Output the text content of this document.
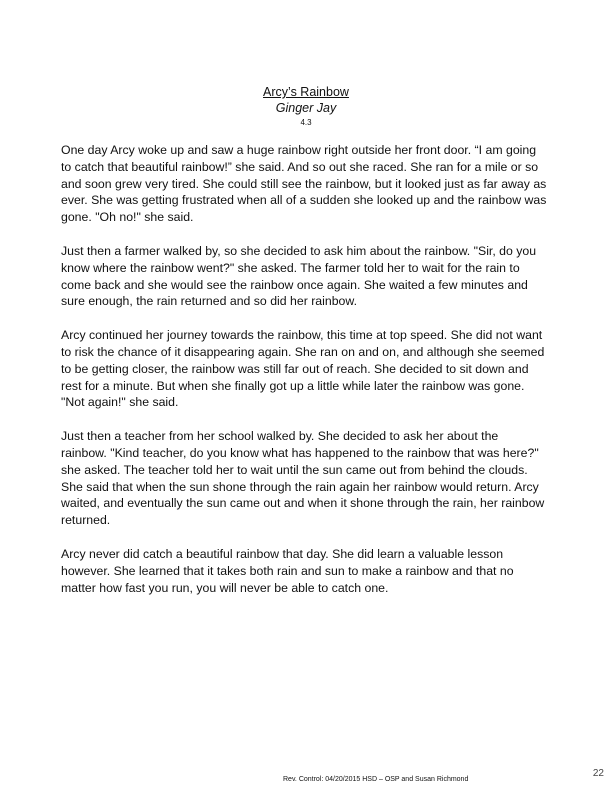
Arcy’s Rainbow
Ginger Jay
4.3

One day Arcy woke up and saw a huge rainbow right outside her front door. “I am going to catch that beautiful rainbow!” she said. And so out she raced. She ran for a mile or so and soon grew very tired. She could still see the rainbow, but it looked just as far away as ever. She was getting frustrated when all of a sudden she looked up and the rainbow was gone. "Oh no!" she said.

Just then a farmer walked by, so she decided to ask him about the rainbow. "Sir, do you know where the rainbow went?" she asked. The farmer told her to wait for the rain to come back and she would see the rainbow once again. She waited a few minutes and sure enough, the rain returned and so did her rainbow.

Arcy continued her journey towards the rainbow, this time at top speed. She did not want to risk the chance of it disappearing again. She ran on and on, and although she seemed to be getting closer, the rainbow was still far out of reach. She decided to sit down and rest for a minute. But when she finally got up a little while later the rainbow was gone. "Not again!" she said.

Just then a teacher from her school walked by. She decided to ask her about the rainbow. "Kind teacher, do you know what has happened to the rainbow that was here?" she asked. The teacher told her to wait until the sun came out from behind the clouds. She said that when the sun shone through the rain again her rainbow would return. Arcy waited, and eventually the sun came out and when it shone through the rain, her rainbow returned.

Arcy never did catch a beautiful rainbow that day. She did learn a valuable lesson however. She learned that it takes both rain and sun to make a rainbow and that no matter how fast you run, you will never be able to catch one.

Rev. Control: 04/20/2015 HSD – OSP and Susan Richmond
22
